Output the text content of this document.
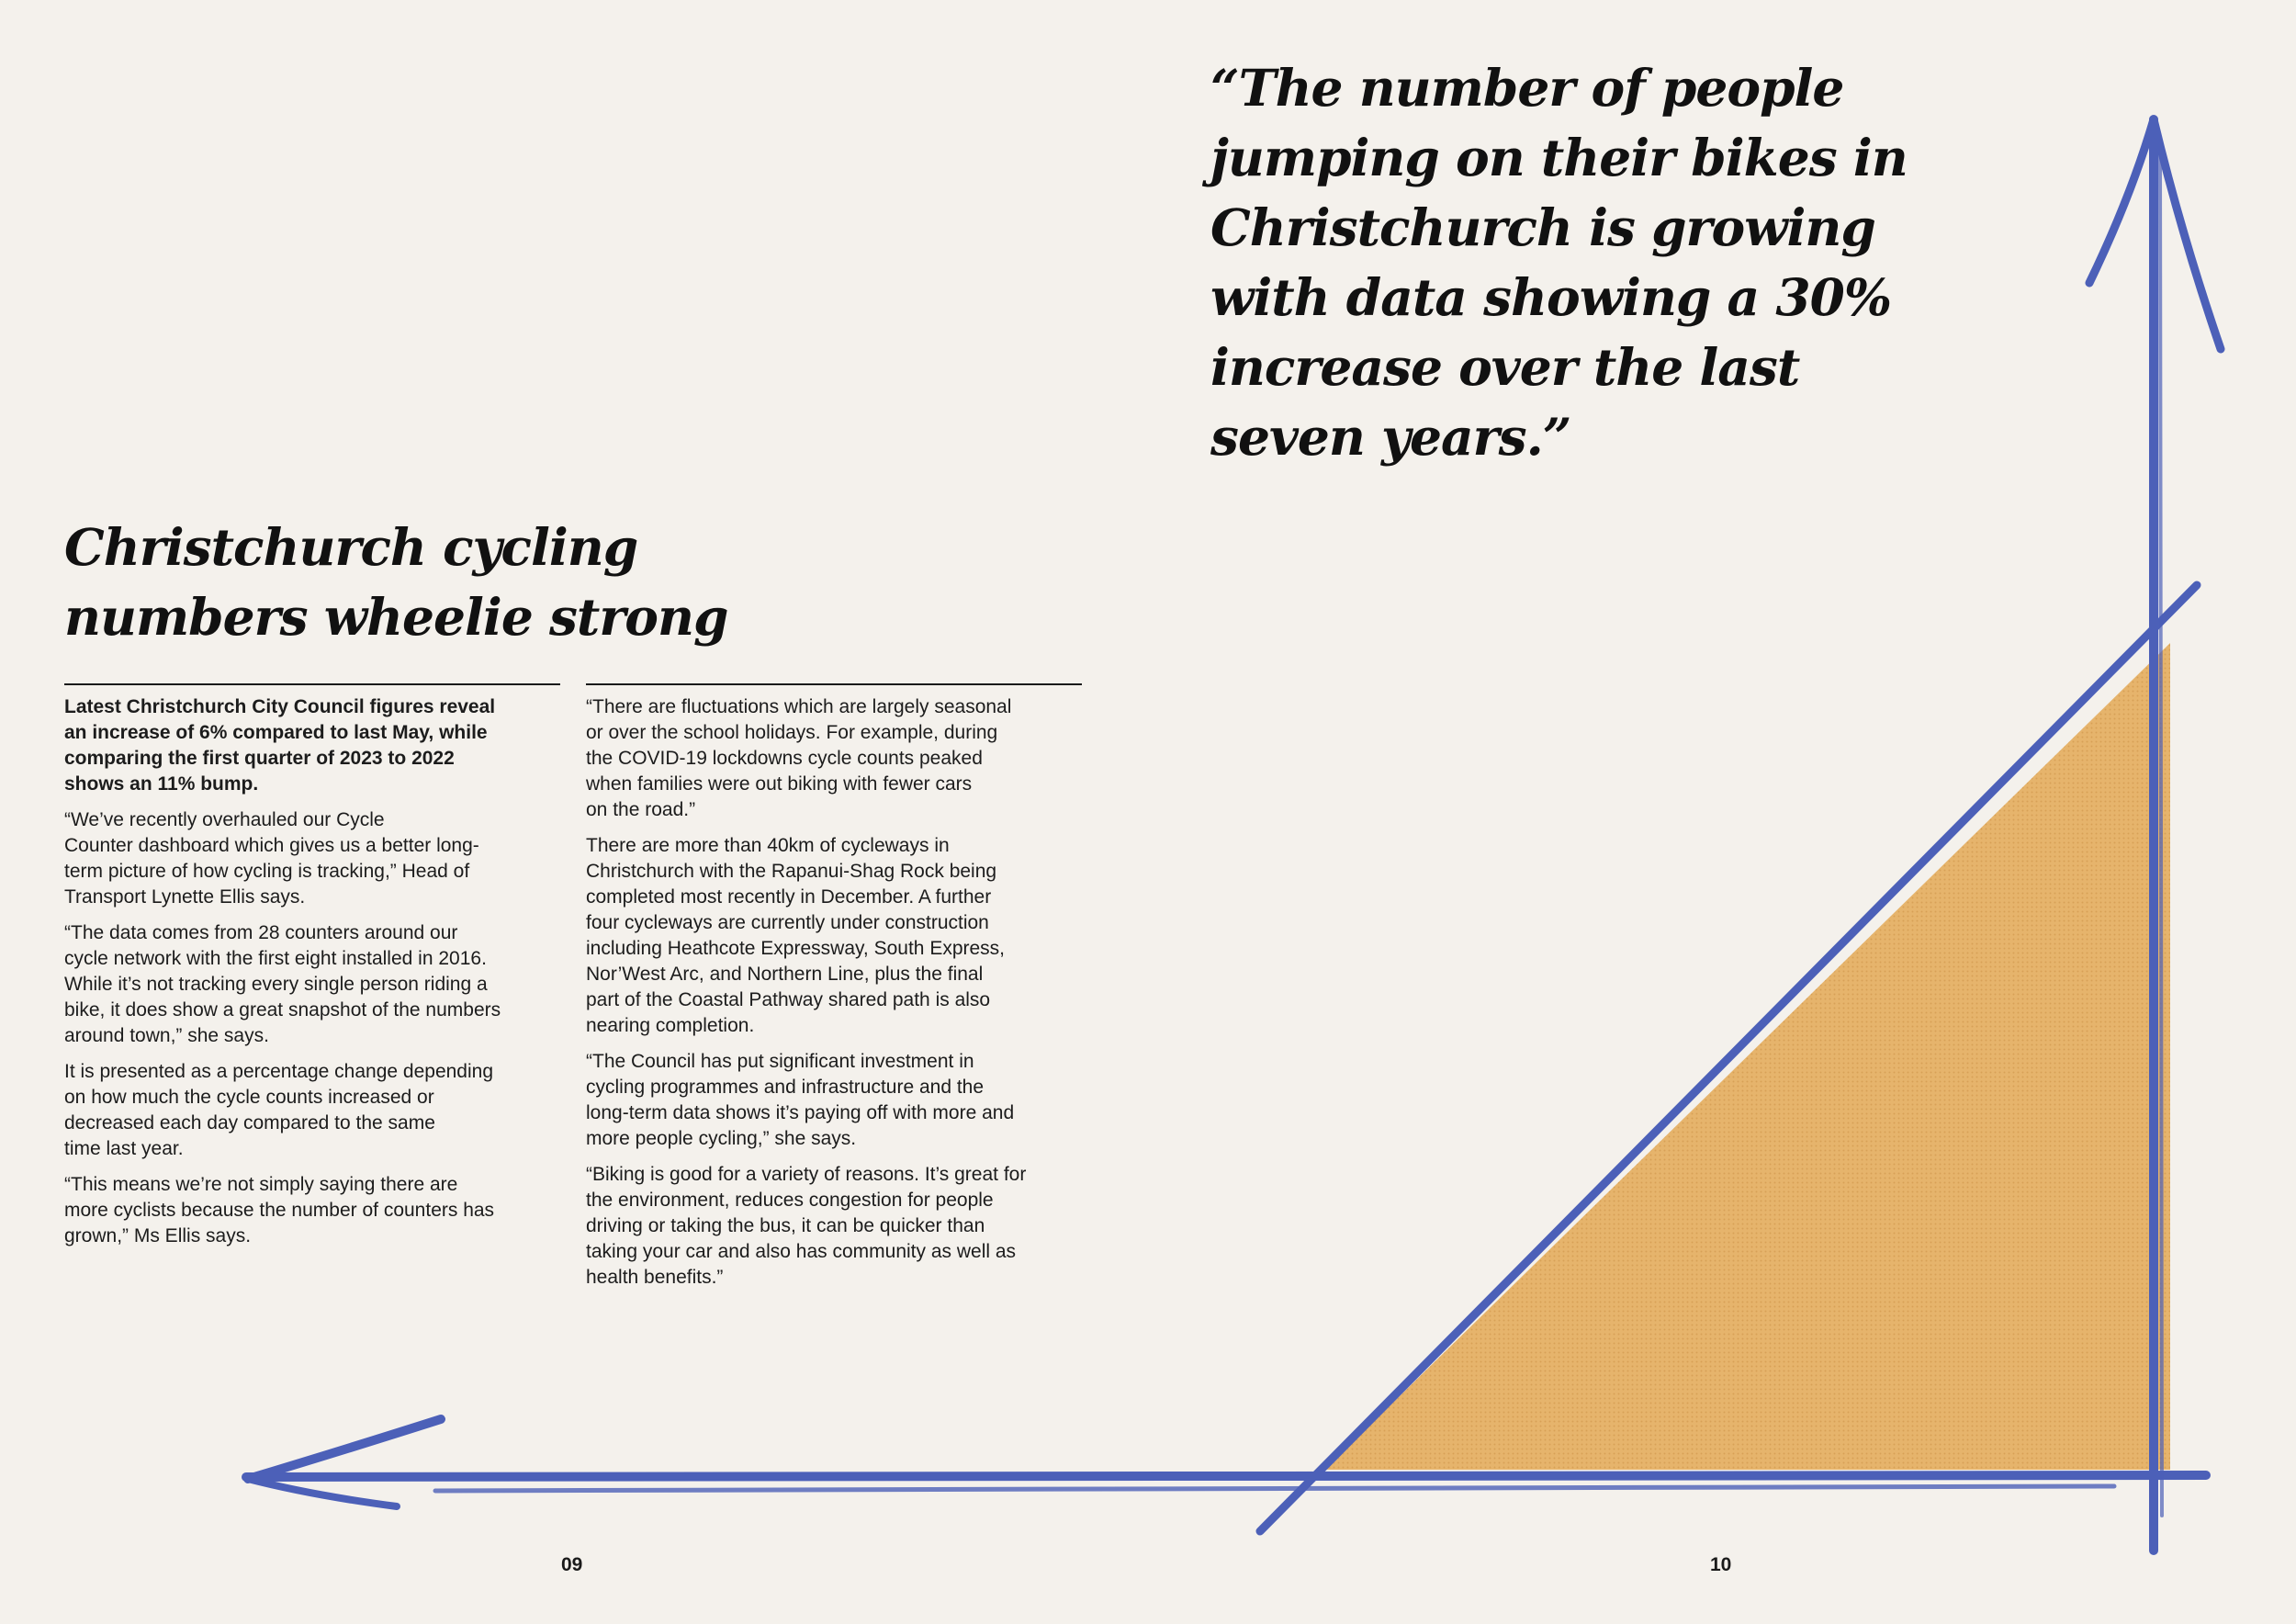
“The number of people
jumping on their bikes in
Christchurch is growing
with data showing a 30%
increase over the last
seven years.”
Christchurch cycling
numbers wheelie strong

Latest Christchurch City Council figures reveal
an increase of 6% compared to last May, while
comparing the first quarter of 2023 to 2022
shows an 11% bump.

“We’ve recently overhauled our Cycle
Counter dashboard which gives us a better long-
term picture of how cycling is tracking,” Head of
Transport Lynette Ellis says.

“The data comes from 28 counters around our
cycle network with the first eight installed in 2016.
While it’s not tracking every single person riding a
bike, it does show a great snapshot of the numbers
around town,” she says.

It is presented as a percentage change depending
on how much the cycle counts increased or
decreased each day compared to the same
time last year.

“This means we’re not simply saying there are
more cyclists because the number of counters has
grown,” Ms Ellis says.

“There are fluctuations which are largely seasonal
or over the school holidays. For example, during
the COVID-19 lockdowns cycle counts peaked
when families were out biking with fewer cars
on the road.”

There are more than 40km of cycleways in
Christchurch with the Rapanui-Shag Rock being
completed most recently in December. A further
four cycleways are currently under construction
including Heathcote Expressway, South Express,
Nor’West Arc, and Northern Line, plus the final
part of the Coastal Pathway shared path is also
nearing completion.

“The Council has put significant investment in
cycling programmes and infrastructure and the
long-term data shows it’s paying off with more and
more people cycling,” she says.

“Biking is good for a variety of reasons. It’s great for
the environment, reduces congestion for people
driving or taking the bus, it can be quicker than
taking your car and also has community as well as
health benefits.”

09	10
